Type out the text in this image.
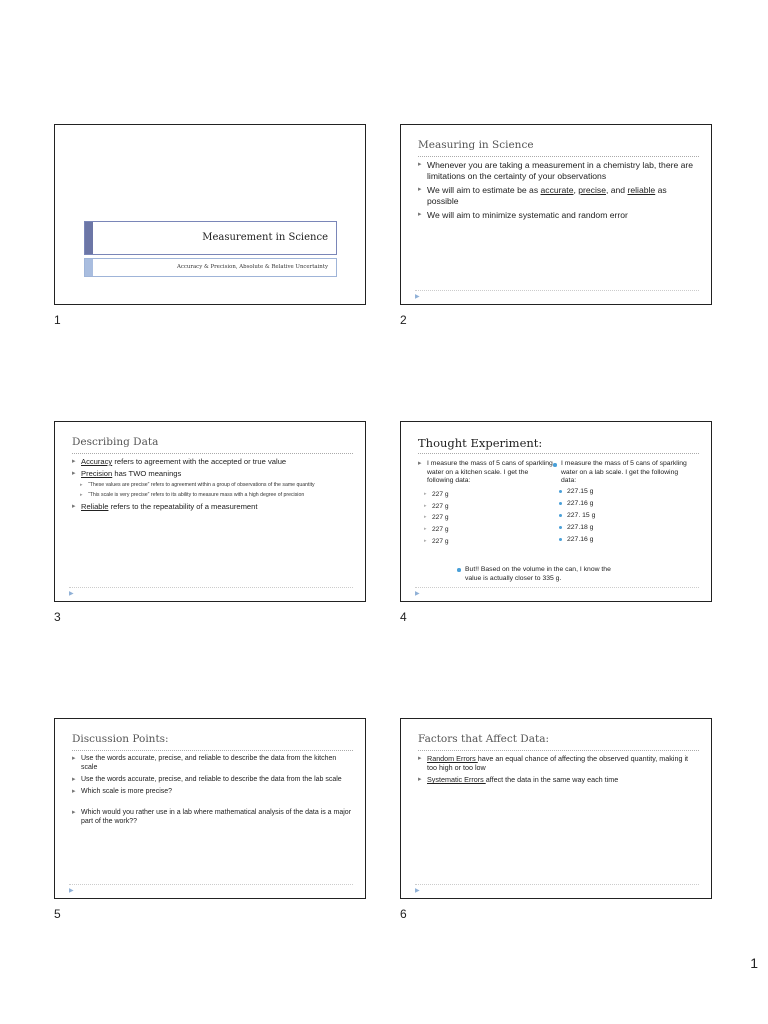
Measurement in Science
Accuracy & Precision, Absolute & Relative Uncertainty
1
Measuring in Science
▸ Whenever you are taking a measurement in a chemistry lab, there are limitations on the certainty of your observations
▸ We will aim to estimate be as accurate, precise, and reliable as possible
▸ We will aim to minimize systematic and random error
▶
2
Describing Data
▸ Accuracy refers to agreement with the accepted or true value
▸ Precision has TWO meanings
▸ “These values are precise” refers to agreement within a group of observations of the same quantity
▸ “This scale is very precise” refers to its ability to measure mass with a high degree of precision
▸ Reliable refers to the repeatability of a measurement
▶
3
Thought Experiment:
▸ I measure the mass of 5 cans of sparkling water on a kitchen scale. I get the following data:
▸ 227 g
▸ 227 g
▸ 227 g
▸ 227 g
▸ 227 g
I measure the mass of 5 cans of sparkling water on a lab scale. I get the following data:
227.15 g
227.16 g
227. 15 g
227.18 g
227.16 g
But!! Based on the volume in the can, I know the value is actually closer to 335 g.
▶
4
Discussion Points:
▸ Use the words accurate, precise, and reliable to describe the data from the kitchen scale
▸ Use the words accurate, precise, and reliable to describe the data from the lab scale
▸ Which scale is more precise?
▸ Which would you rather use in a lab where mathematical analysis of the data is a major part of the work??
▶
5
Factors that Affect Data:
▸ Random Errors have an equal chance of affecting the observed quantity, making it too high or too low
▸ Systematic Errors affect the data in the same way each time
▶
6
1
